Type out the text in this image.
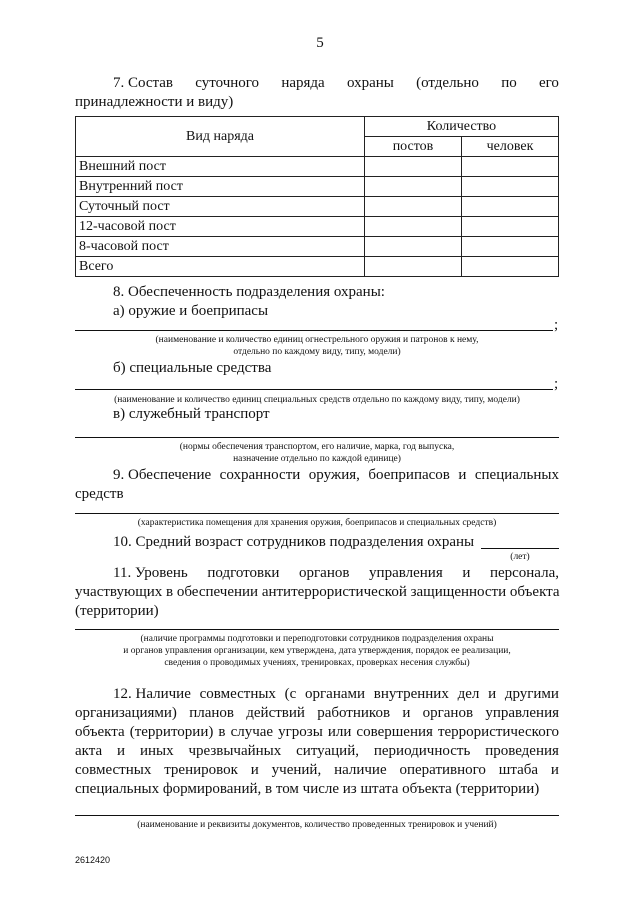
5
7. Состав суточного наряда охраны (отдельно по его
принадлежности и виду)
Вид наряда	Количество	
	постов	человек
Внешний пост		
Внутренний пост		
Суточный пост		
12-часовой пост		
8-часовой пост		
Всего		
8. Обеспеченность подразделения охраны:
а) оружие и боеприпасы
;
(наименование и количество единиц огнестрельного оружия и патронов к нему,
отдельно по каждому виду, типу, модели)
б) специальные средства
;
(наименование и количество единиц специальных средств отдельно по каждому виду, типу, модели)
в) служебный транспорт
(нормы обеспечения транспортом, его наличие, марка, год выпуска,
назначение отдельно по каждой единице)
9. Обеспечение сохранности оружия, боеприпасов и специальных
средств
(характеристика помещения для хранения оружия, боеприпасов и специальных средств)
10. Средний возраст сотрудников подразделения охраны
(лет)
11. Уровень подготовки органов управления и персонала,
участвующих в обеспечении антитеррористической защищенности объекта
(территории)
(наличие программы подготовки и переподготовки сотрудников подразделения охраны
и органов управления организации, кем утверждена, дата утверждения, порядок ее реализации,
сведения о проводимых учениях, тренировках, проверках несения службы)
12. Наличие совместных (с органами внутренних дел и другими
организациями) планов действий работников и органов управления
объекта (территории) в случае угрозы или совершения террористического
акта и иных чрезвычайных ситуаций, периодичность проведения
совместных тренировок и учений, наличие оперативного штаба и
специальных формирований, в том числе из штата объекта (территории)
(наименование и реквизиты документов, количество проведенных тренировок и учений)
2612420
